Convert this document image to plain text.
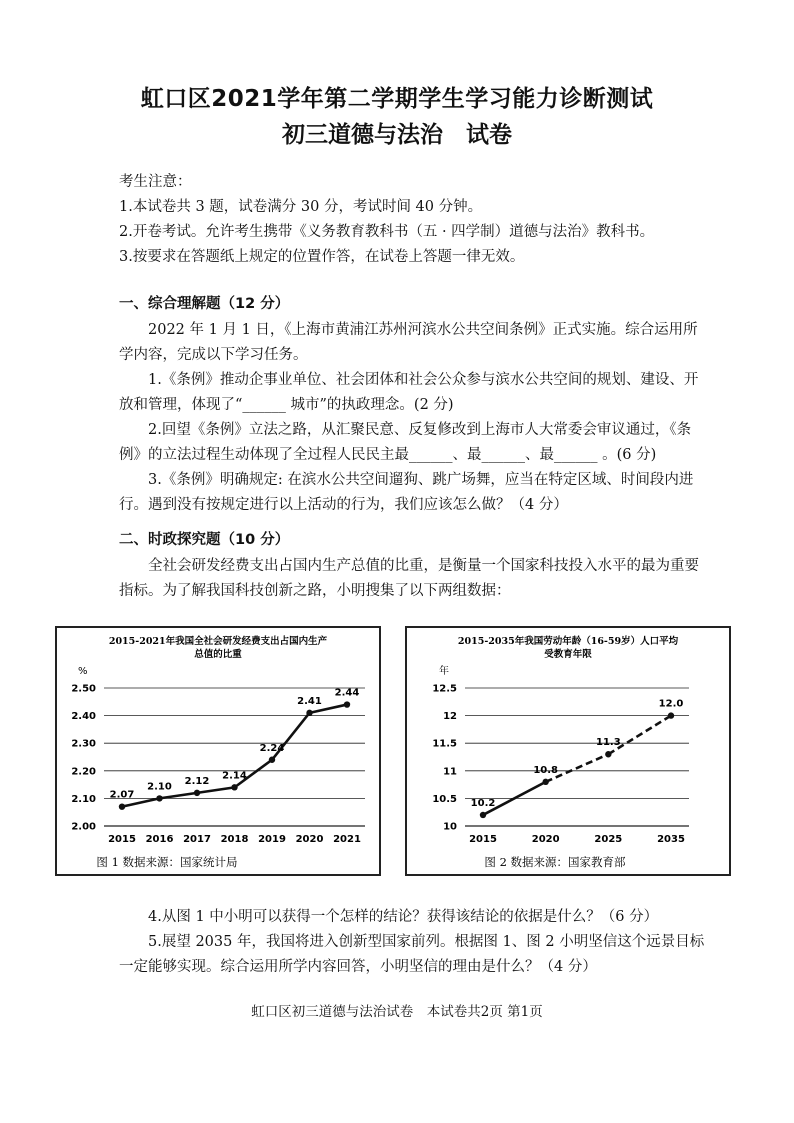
虹口区2021学年第二学期学生学习能力诊断测试
初三道德与法治　试卷
考生注意：
1.本试卷共 3 题，试卷满分 30 分，考试时间 40 分钟。
2.开卷考试。允许考生携带《义务教育教科书（五 · 四学制）道德与法治》教科书。
3.按要求在答题纸上规定的位置作答，在试卷上答题一律无效。
一、综合理解题（12 分）
　　2022 年 1 月 1 日，《上海市黄浦江苏州河滨水公共空间条例》正式实施。综合运用所
学内容，完成以下学习任务。
　　1.《条例》推动企事业单位、社会团体和社会公众参与滨水公共空间的规划、建设、开
放和管理，体现了“______ 城市”的执政理念。(2 分)
　　2.回望《条例》立法之路，从汇聚民意、反复修改到上海市人大常委会审议通过，《条
例》的立法过程生动体现了全过程人民民主最______、最______、最______ 。(6 分)
　　3.《条例》明确规定: 在滨水公共空间遛狗、跳广场舞，应当在特定区域、时间段内进
行。遇到没有按规定进行以上活动的行为，我们应该怎么做？（4 分）
二、时政探究题（10 分）
　　全社会研发经费支出占国内生产总值的比重，是衡量一个国家科技投入水平的最为重要
指标。为了解我国科技创新之路，小明搜集了以下两组数据：
2015-2021年我国全社会研发经费支出占国内生产
总值的比重
%
2.00
2.10
2.20
2.30
2.40
2.50
2015 2016 2017 2018 2019 2020 2021
2.07
2.10
2.12
2.14
2.24
2.41
2.44
图 1 数据来源：国家统计局
2015-2035年我国劳动年龄（16-59岁）人口平均
受教育年限
年
10
10.5
11
11.5
12
12.5
2015	2020	2025	2035
10.2
10.8
11.3
12.0
图 2 数据来源：国家教育部
　　4.从图 1 中小明可以获得一个怎样的结论？获得该结论的依据是什么？（6 分）
　　5.展望 2035 年，我国将进入创新型国家前列。根据图 1、图 2 小明坚信这个远景目标
一定能够实现。综合运用所学内容回答，小明坚信的理由是什么？（4 分）
虹口区初三道德与法治试卷　本试卷共2页 第1页
